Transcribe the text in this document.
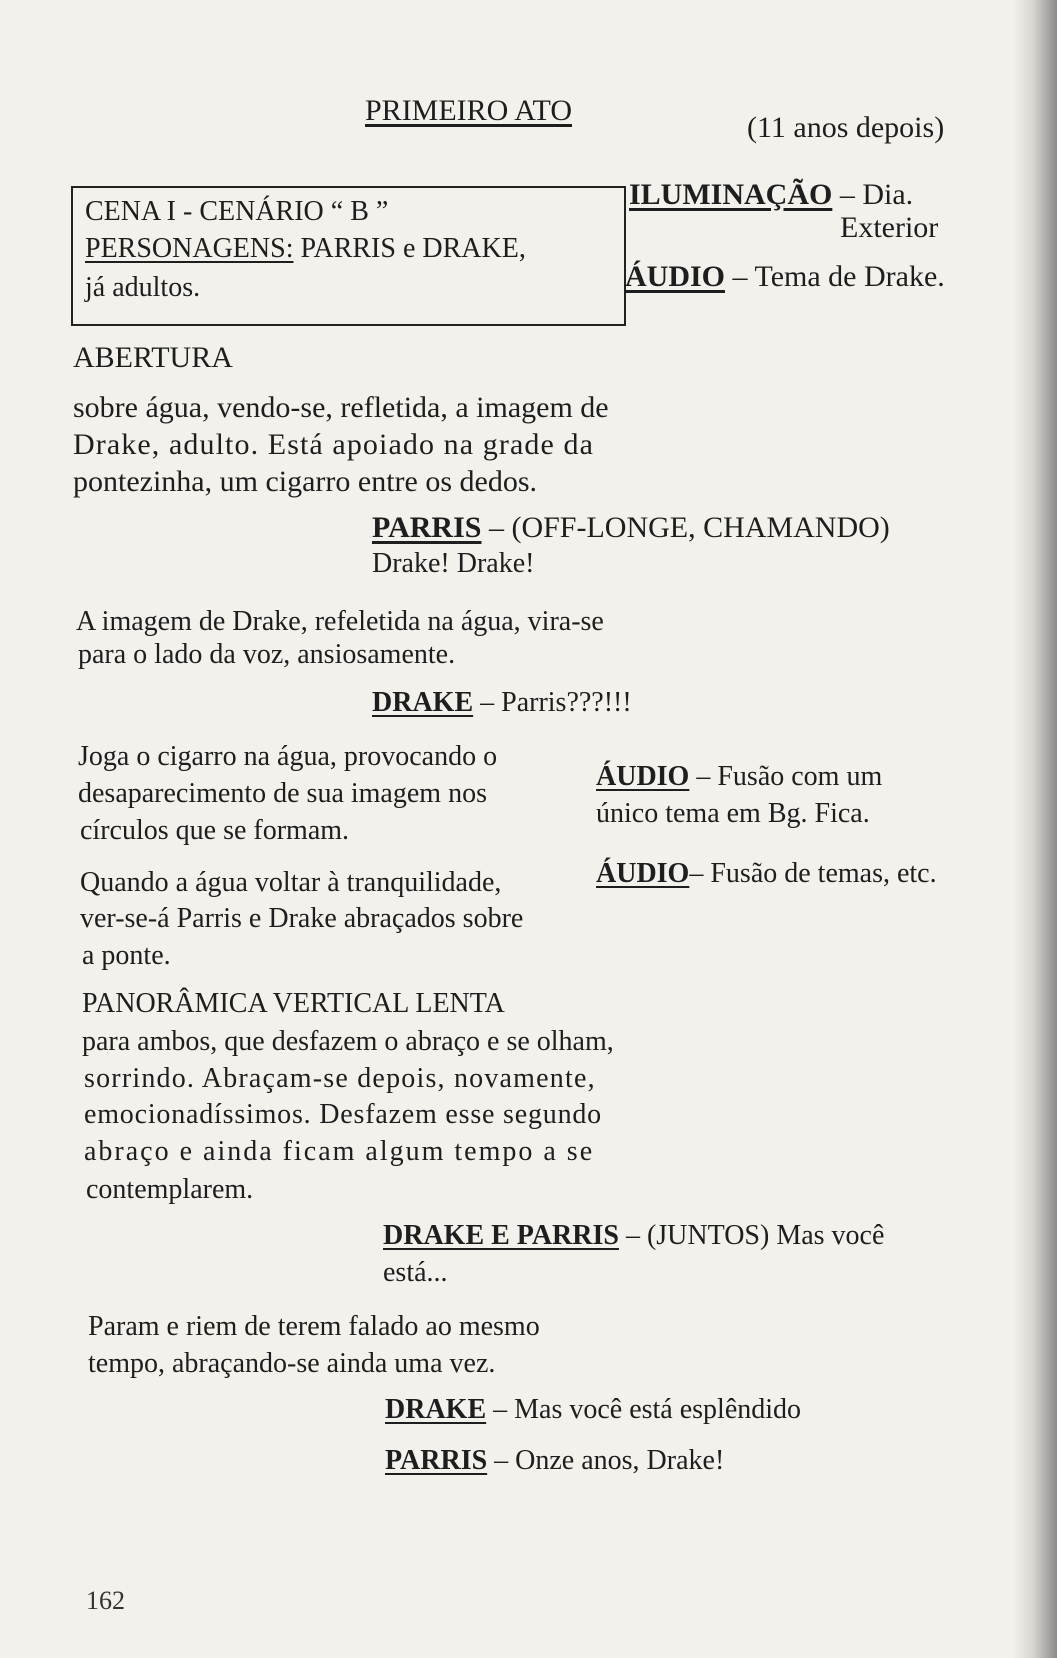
PRIMEIRO ATO
(11 anos depois)
CENA I - CENÁRIO “ B ”
PERSONAGENS: PARRIS e DRAKE,
já adultos.
ILUMINAÇÃO – Dia.
Exterior
ÁUDIO – Tema de Drake.
ABERTURA
sobre água, vendo-se, refletida, a imagem de
Drake, adulto. Está apoiado na grade da
pontezinha, um cigarro entre os dedos.
PARRIS – (OFF-LONGE, CHAMANDO)
Drake! Drake!
A imagem de Drake, refeletida na água, vira-se
para o lado da voz, ansiosamente.
DRAKE – Parris???!!!
Joga o cigarro na água, provocando o
desaparecimento de sua imagem nos
círculos que se formam.
ÁUDIO – Fusão com um
único tema em Bg. Fica.
Quando a água voltar à tranquilidade,
ver-se-á Parris e Drake abraçados sobre
a ponte.
ÁUDIO– Fusão de temas, etc.
PANORÂMICA VERTICAL LENTA
para ambos, que desfazem o abraço e se olham,
sorrindo. Abraçam-se depois, novamente,
emocionadíssimos. Desfazem esse segundo
abraço e ainda ficam algum tempo a se
contemplarem.
DRAKE E PARRIS – (JUNTOS) Mas você
está...
Param e riem de terem falado ao mesmo
tempo, abraçando-se ainda uma vez.
DRAKE – Mas você está esplêndido
PARRIS – Onze anos, Drake!
162
